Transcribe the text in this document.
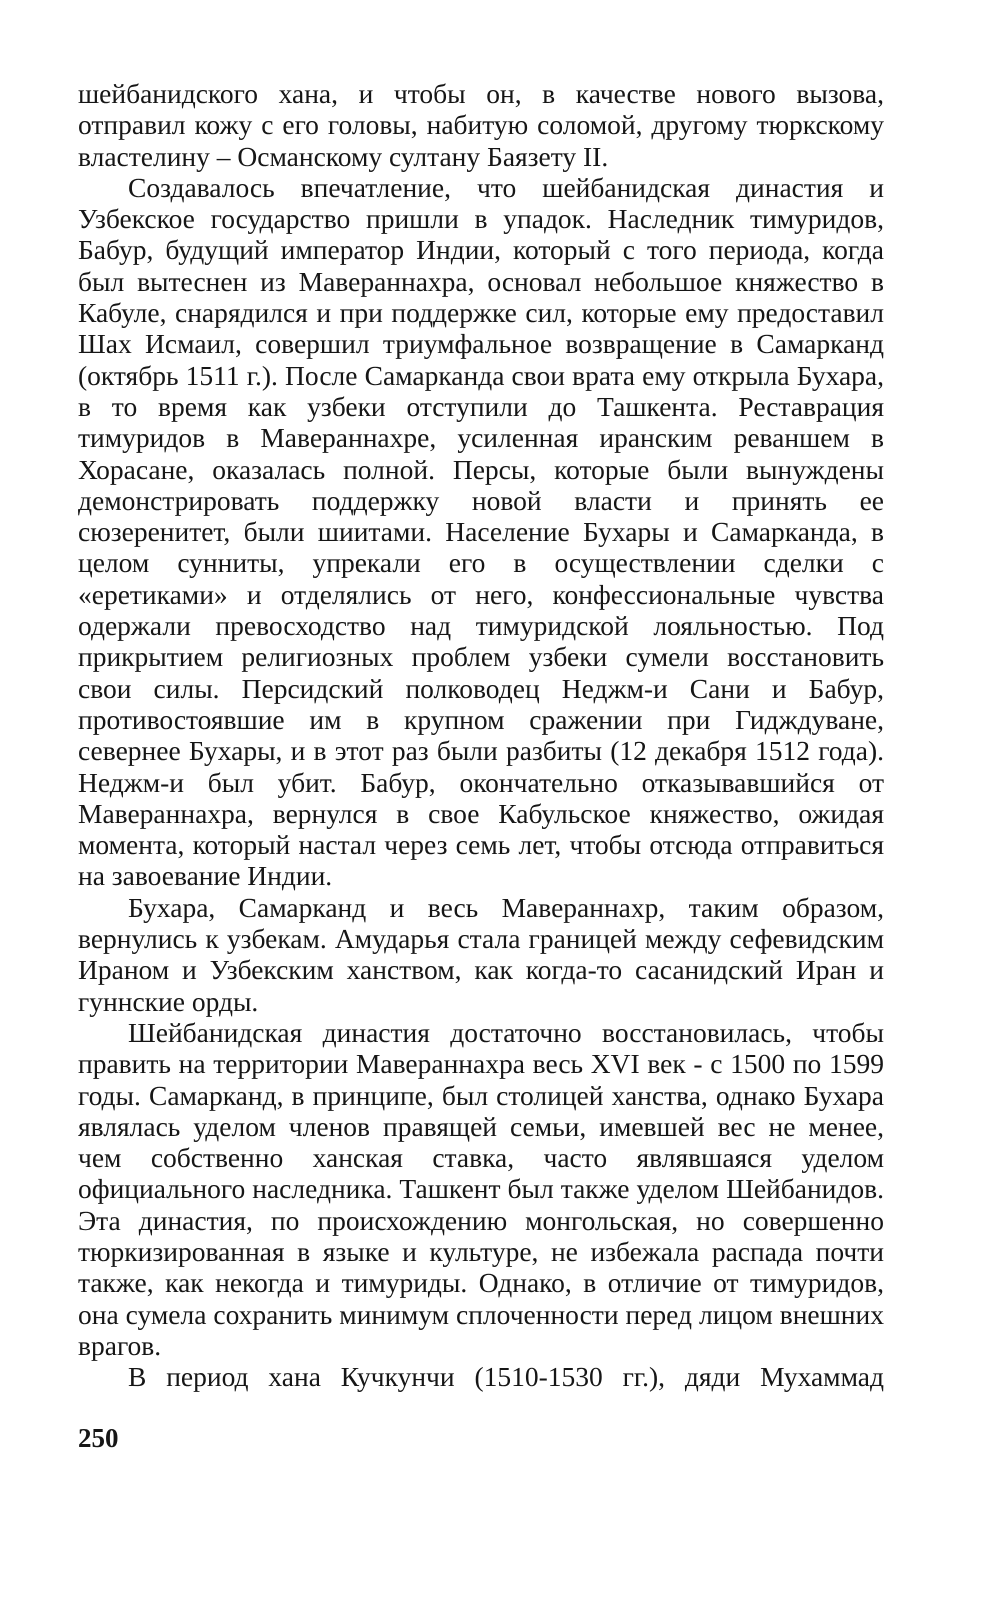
шейбанидского хана, и чтобы он, в качестве нового вызова, отправил кожу с его головы, набитую соломой, другому тюркскому властелину – Османскому султану Баязету II.

Создавалось впечатление, что шейбанидская династия и Узбекское государство пришли в упадок. Наследник тимуридов, Бабур, будущий император Индии, который с того периода, когда был вытеснен из Мавераннахра, основал небольшое княжество в Кабуле, снарядился и при поддержке сил, которые ему предоставил Шах Исмаил, совершил триумфальное возвращение в Самарканд (октябрь 1511 г.). После Самарканда свои врата ему открыла Бухара, в то время как узбеки отступили до Ташкента. Реставрация тимуридов в Мавераннахре, усиленная иранским реваншем в Хорасане, оказалась полной. Персы, которые были вынуждены демонстрировать поддержку новой власти и принять ее сюзеренитет, были шиитами. Население Бухары и Самарканда, в целом сунниты, упрекали его в осуществлении сделки с «еретиками» и отделялись от него, конфессиональные чувства одержали превосходство над тимуридской лояльностью. Под прикрытием религиозных проблем узбеки сумели восстановить свои силы. Персидский полководец Неджм-и Сани и Бабур, противостоявшие им в крупном сражении при Гидждуване, севернее Бухары, и в этот раз были разбиты (12 декабря 1512 года). Неджм-и был убит. Бабур, окончательно отказывавшийся от Мавераннахра, вернулся в свое Кабульское княжество, ожидая момента, который настал через семь лет, чтобы отсюда отправиться на завоевание Индии.

Бухара, Самарканд и весь Мавераннахр, таким образом, вернулись к узбекам. Амударья стала границей между сефевидским Ираном и Узбекским ханством, как когда-то сасанидский Иран и гуннские орды.

Шейбанидская династия достаточно восстановилась, чтобы править на территории Мавераннахра весь XVI век - с 1500 по 1599 годы. Самарканд, в принципе, был столицей ханства, однако Бухара являлась уделом членов правящей семьи, имевшей вес не менее, чем собственно ханская ставка, часто являвшаяся уделом официального наследника. Ташкент был также уделом Шейбанидов. Эта династия, по происхождению монгольская, но совершенно тюркизированная в языке и культуре, не избежала распада почти также, как некогда и тимуриды. Однако, в отличие от тимуридов, она сумела сохранить минимум сплоченности перед лицом внешних врагов.

В период хана Кучкунчи (1510-1530 гг.), дяди Мухаммад

250
